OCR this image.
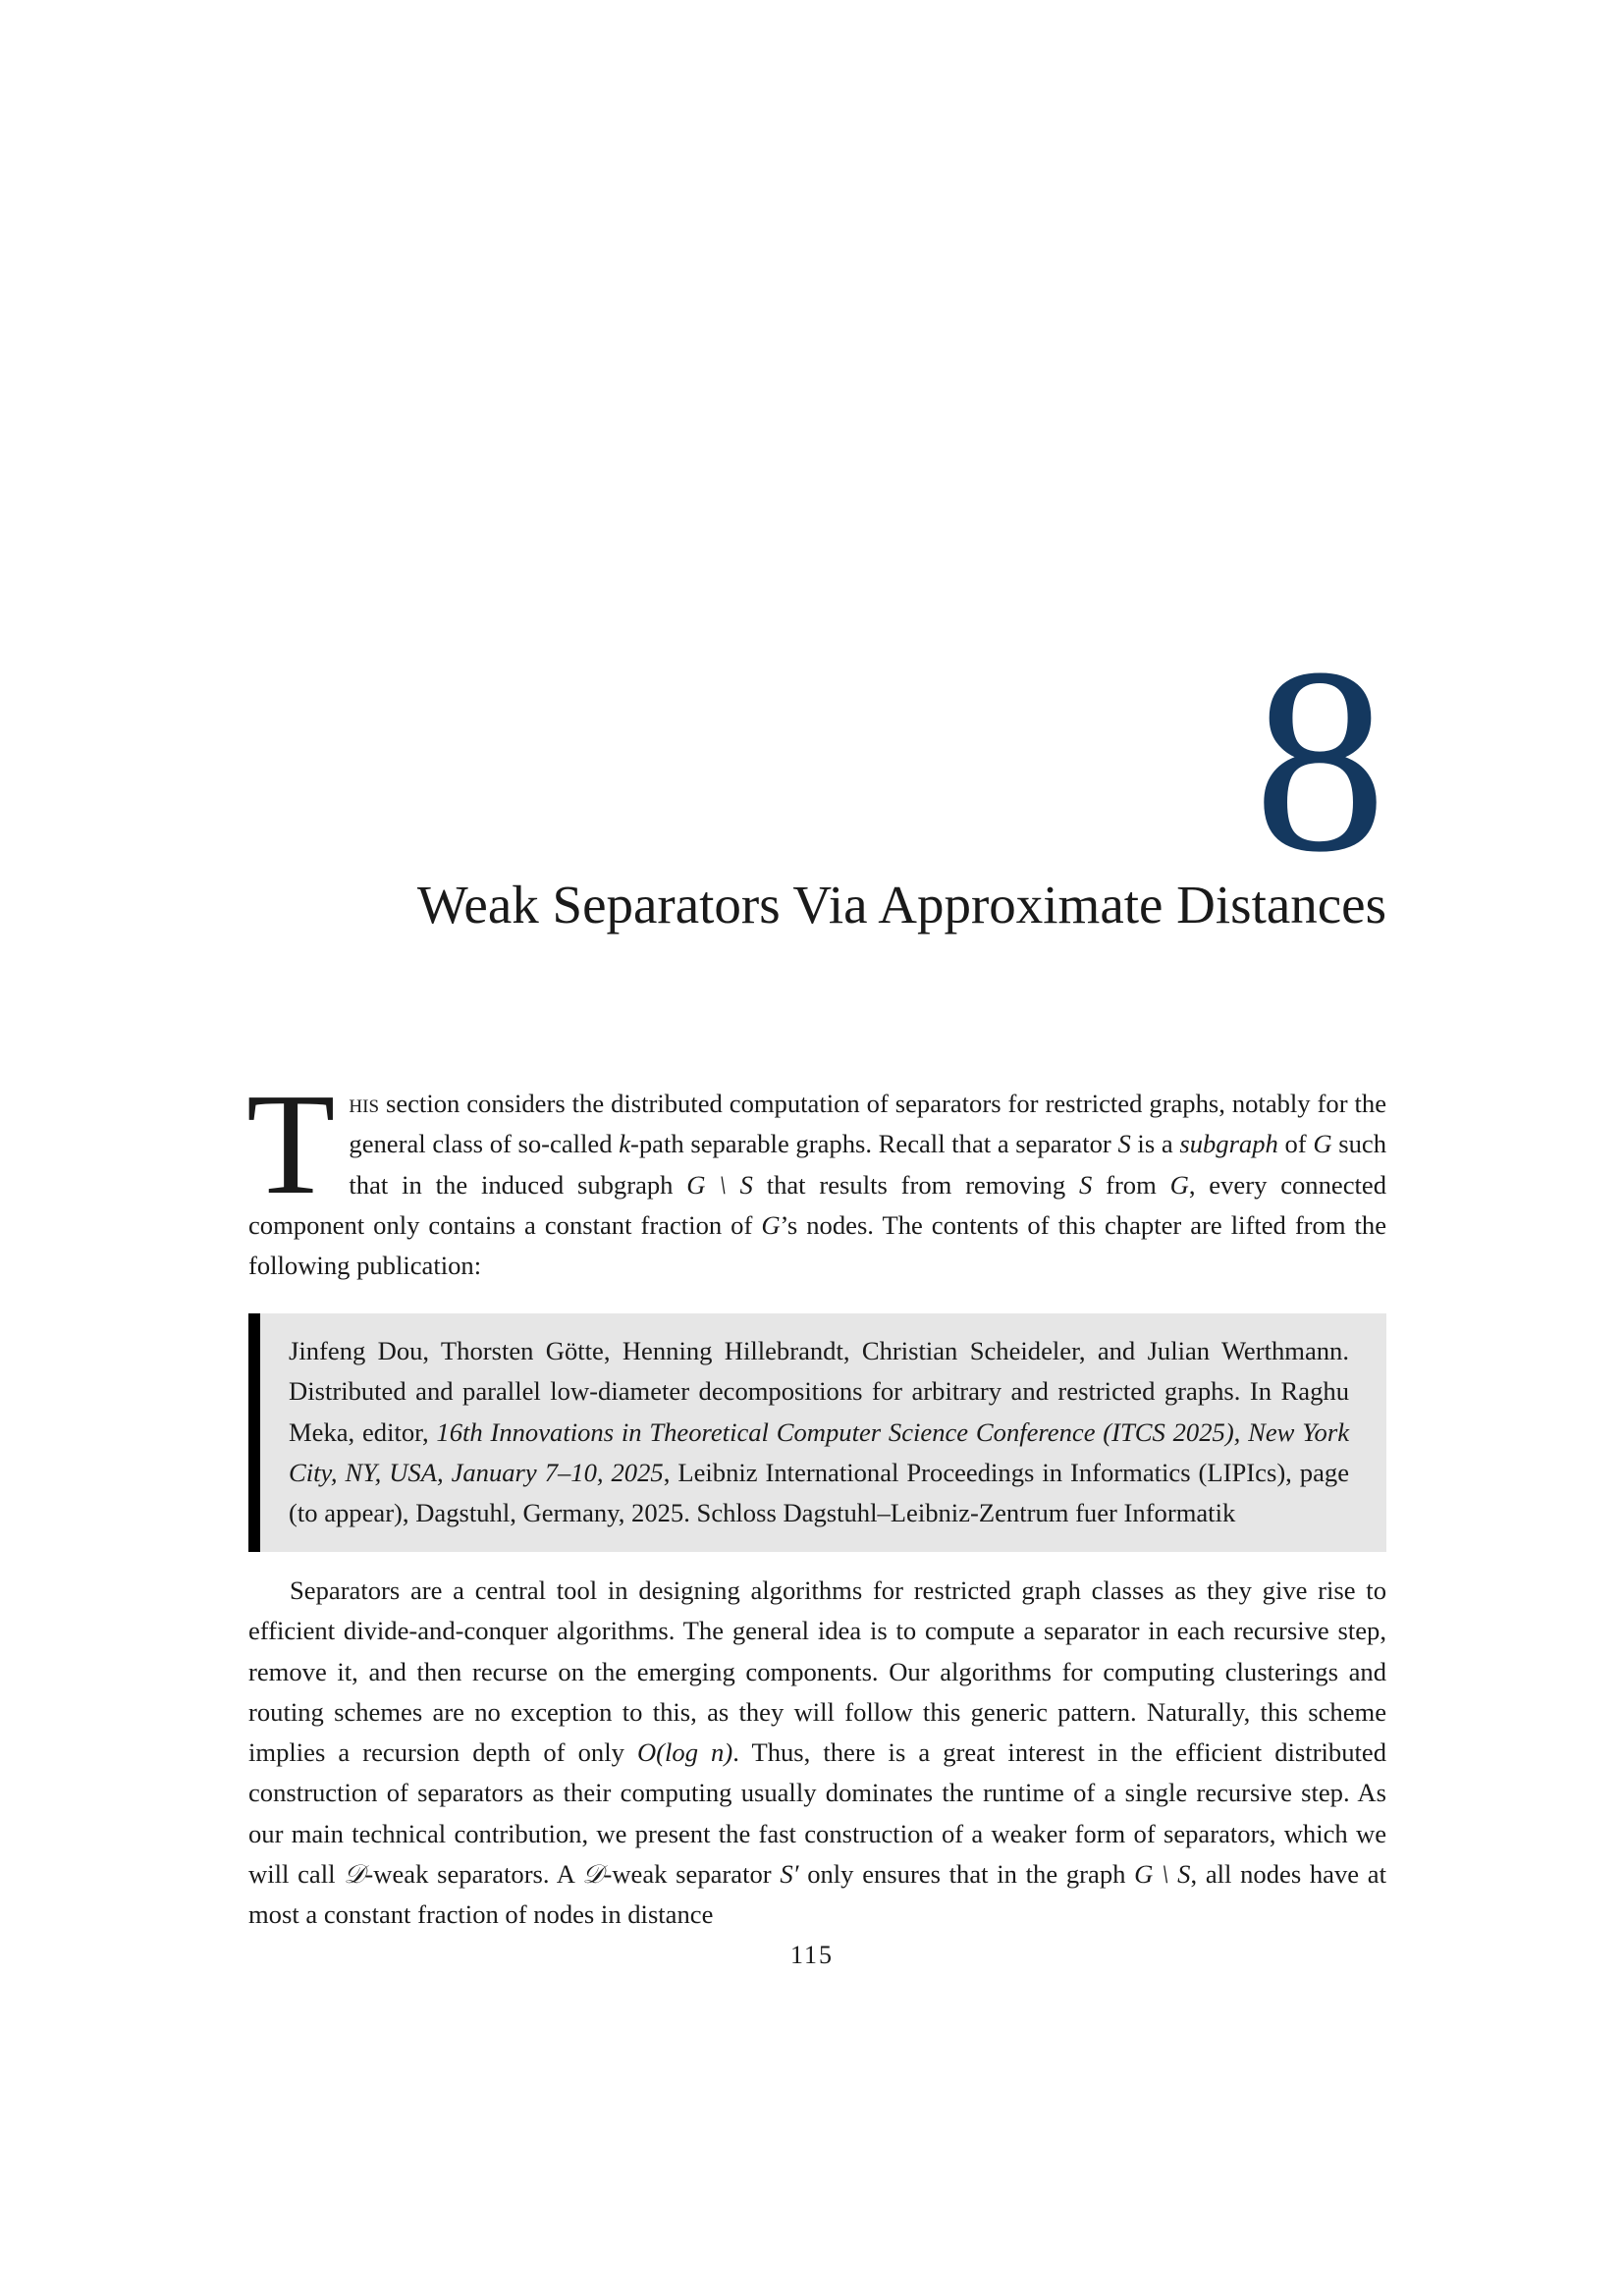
8
Weak Separators Via Approximate Distances
This section considers the distributed computation of separators for restricted graphs, notably for the general class of so-called k-path separable graphs. Recall that a separator S is a subgraph of G such that in the induced subgraph G \ S that results from removing S from G, every connected component only contains a constant fraction of G’s nodes. The contents of this chapter are lifted from the following publication:
Jinfeng Dou, Thorsten Götte, Henning Hillebrandt, Christian Scheideler, and Julian Werthmann. Distributed and parallel low-diameter decompositions for arbitrary and restricted graphs. In Raghu Meka, editor, 16th Innovations in Theoretical Computer Science Conference (ITCS 2025), New York City, NY, USA, January 7–10, 2025, Leibniz International Proceedings in Informatics (LIPIcs), page (to appear), Dagstuhl, Germany, 2025. Schloss Dagstuhl–Leibniz-Zentrum fuer Informatik
Separators are a central tool in designing algorithms for restricted graph classes as they give rise to efficient divide-and-conquer algorithms. The general idea is to compute a separator in each recursive step, remove it, and then recurse on the emerging components. Our algorithms for computing clusterings and routing schemes are no exception to this, as they will follow this generic pattern. Naturally, this scheme implies a recursion depth of only O(log n). Thus, there is a great interest in the efficient distributed construction of separators as their computing usually dominates the runtime of a single recursive step. As our main technical contribution, we present the fast construction of a weaker form of separators, which we will call 𝒟-weak separators. A 𝒟-weak separator S′ only ensures that in the graph G \ S, all nodes have at most a constant fraction of nodes in distance
115
